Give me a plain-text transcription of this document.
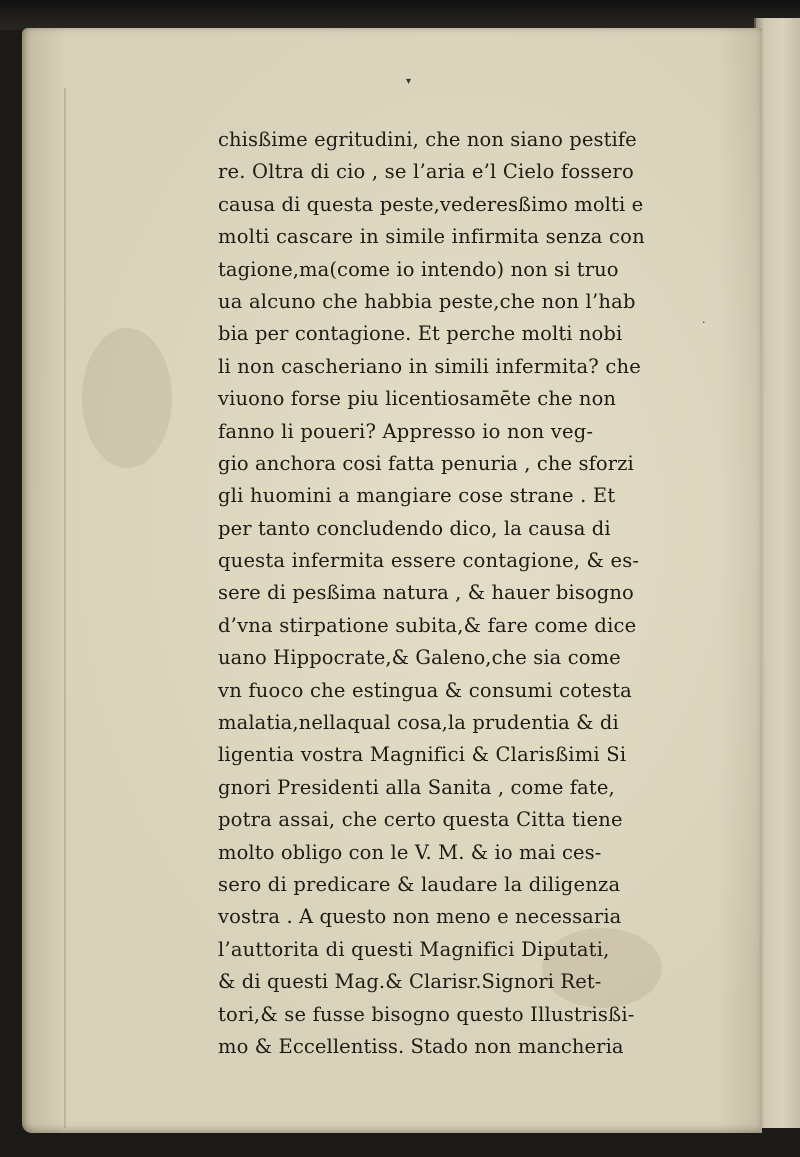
▾
·
chisßime egritudini, che non siano pestife
re. Oltra di cio , se l’aria e’l Cielo fossero
causa di questa peste,vederesßimo molti e
molti cascare in simile infirmita senza con
tagione,ma(come io intendo) non si truo
ua alcuno che habbia peste,che non l’hab
bia per contagione. Et perche molti nobi
li non cascheriano in simili infermita? che
viuono forse piu licentiosamēte che non
fanno li poueri? Appresso io non veg-
gio anchora cosi fatta penuria , che sforzi
gli huomini a mangiare cose strane . Et
per tanto concludendo dico, la causa di
questa infermita essere contagione, & es-
sere di pesßima natura , & hauer bisogno
d’vna stirpatione subita,& fare come dice
uano Hippocrate,& Galeno,che sia come
vn fuoco che estingua & consumi cotesta
malatia,nellaqual cosa,la prudentia & di
ligentia vostra Magnifici & Clarisßimi Si
gnori Presidenti alla Sanita , come fate,
potra assai, che certo questa Citta tiene
molto obligo con le V. M. & io mai ces-
sero di predicare & laudare la diligenza
vostra . A questo non meno e necessaria
l’auttorita di questi Magnifici Diputati,
& di questi Mag.& Clarisr.Signori Ret-
tori,& se fusse bisogno questo Illustrisßi-
mo & Eccellentiss. Stado non mancheria
